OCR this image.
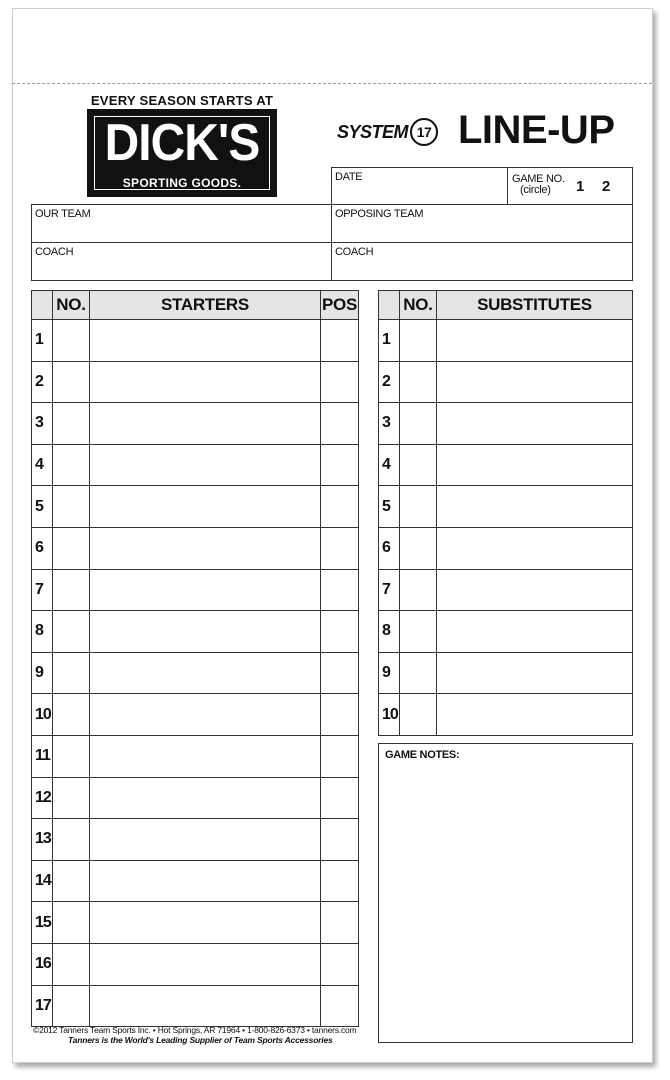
EVERY SEASON STARTS AT
DICK'S
SPORTING GOODS.
SYSTEM 17 LINE-UP
DATE	GAME NO.
(circle)	1 2
OUR TEAM	OPPOSING TEAM
COACH	COACH
	NO.	STARTERS	POS
1			
2			
3			
4			
5			
6			
7			
8			
9			
10			
11			
12			
13			
14			
15			
16			
17			
	NO.	SUBSTITUTES
1		
2		
3		
4		
5		
6		
7		
8		
9		
10		
GAME NOTES:
©2012 Tanners Team Sports Inc. • Hot Springs, AR 71964 • 1-800-826-6373 • tanners.com
Tanners is the World's Leading Supplier of Team Sports Accessories
